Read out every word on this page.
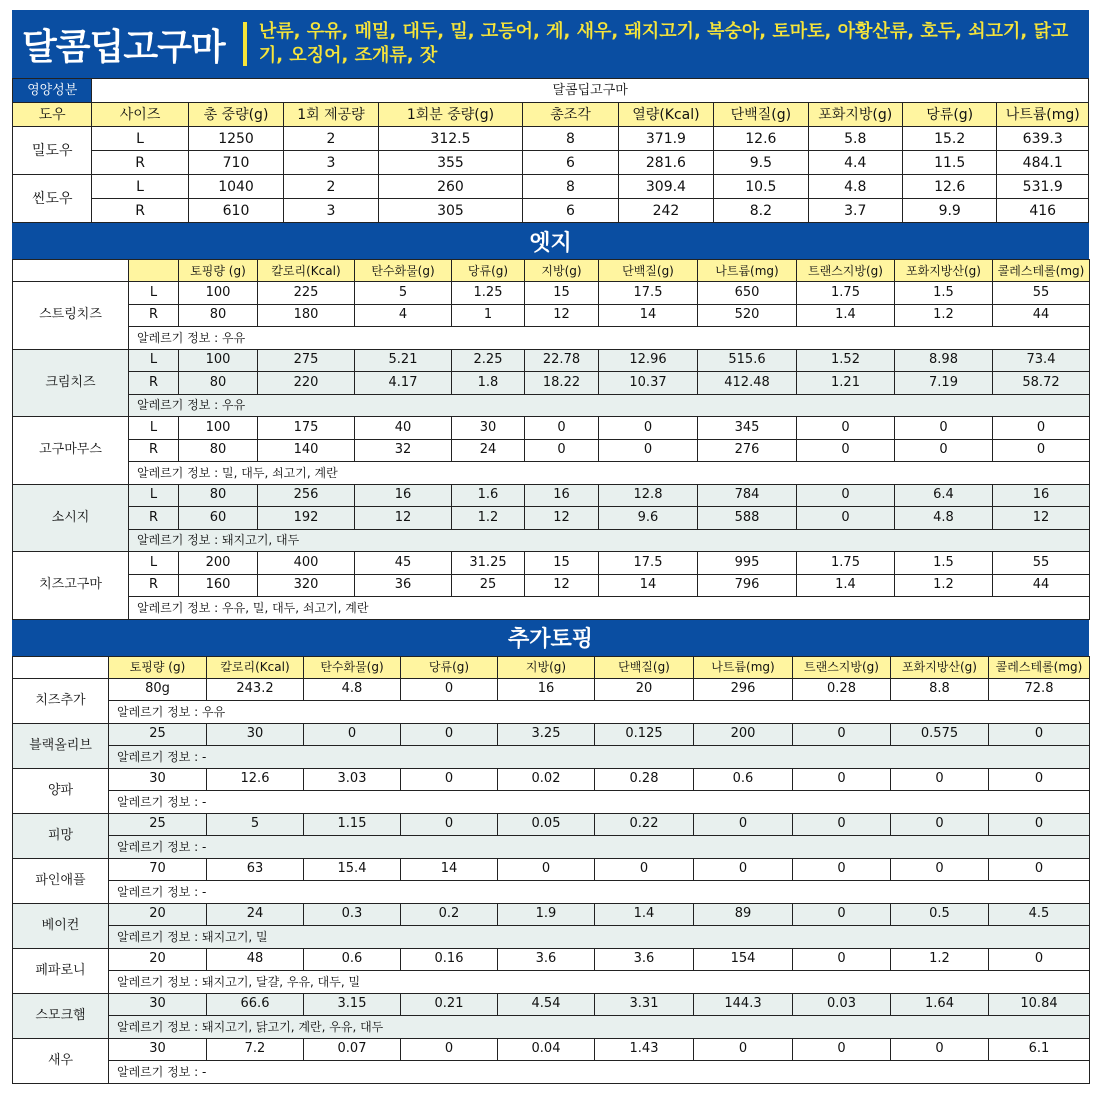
달콤딥고구마	난류, 우유, 메밀, 대두, 밀, 고등어, 게, 새우, 돼지고기, 복숭아, 토마토, 아황산류, 호두, 쇠고기, 닭고기, 오징어, 조개류, 잣
영양성분	달콤딥고구마									
도우	사이즈	총 중량(g)	1회 제공량	1회분 중량(g)	총조각	열량(Kcal)	단백질(g)	포화지방(g)	당류(g)	나트륨(mg)
밀도우	L	1250	2	312.5	8	371.9	12.6	5.8	15.2	639.3
	R	710	3	355	6	281.6	9.5	4.4	11.5	484.1
씬도우	L	1040	2	260	8	309.4	10.5	4.8	12.6	531.9
	R	610	3	305	6	242	8.2	3.7	9.9	416
엣지
		토핑량 (g)	칼로리(Kcal)	탄수화물(g)	당류(g)	지방(g)	단백질(g)	나트륨(mg)	트랜스지방(g)	포화지방산(g)	콜레스테롤(mg)
스트링치즈	L	100	225	5	1.25	15	17.5	650	1.75	1.5	55
	R	80	180	4	1	12	14	520	1.4	1.2	44
	알레르기 정보 : 우유										
크림치즈	L	100	275	5.21	2.25	22.78	12.96	515.6	1.52	8.98	73.4
	R	80	220	4.17	1.8	18.22	10.37	412.48	1.21	7.19	58.72
	알레르기 정보 : 우유										
고구마무스	L	100	175	40	30	0	0	345	0	0	0
	R	80	140	32	24	0	0	276	0	0	0
	알레르기 정보 : 밀, 대두, 쇠고기, 계란										
소시지	L	80	256	16	1.6	16	12.8	784	0	6.4	16
	R	60	192	12	1.2	12	9.6	588	0	4.8	12
	알레르기 정보 : 돼지고기, 대두										
치즈고구마	L	200	400	45	31.25	15	17.5	995	1.75	1.5	55
	R	160	320	36	25	12	14	796	1.4	1.2	44
	알레르기 정보 : 우유, 밀, 대두, 쇠고기, 계란										
추가토핑
	토핑량 (g)	칼로리(Kcal)	탄수화물(g)	당류(g)	지방(g)	단백질(g)	나트륨(mg)	트랜스지방(g)	포화지방산(g)	콜레스테롤(mg)
치즈추가	80g	243.2	4.8	0	16	20	296	0.28	8.8	72.8
	알레르기 정보 : 우유									
블랙올리브	25	30	0	0	3.25	0.125	200	0	0.575	0
	알레르기 정보 : -									
양파	30	12.6	3.03	0	0.02	0.28	0.6	0	0	0
	알레르기 정보 : -									
피망	25	5	1.15	0	0.05	0.22	0	0	0	0
	알레르기 정보 : -									
파인애플	70	63	15.4	14	0	0	0	0	0	0
	알레르기 정보 : -									
베이컨	20	24	0.3	0.2	1.9	1.4	89	0	0.5	4.5
	알레르기 정보 : 돼지고기, 밀									
페파로니	20	48	0.6	0.16	3.6	3.6	154	0	1.2	0
	알레르기 정보 : 돼지고기, 달걀, 우유, 대두, 밀									
스모크햄	30	66.6	3.15	0.21	4.54	3.31	144.3	0.03	1.64	10.84
	알레르기 정보 : 돼지고기, 닭고기, 계란, 우유, 대두									
새우	30	7.2	0.07	0	0.04	1.43	0	0	0	6.1
	알레르기 정보 : -									
